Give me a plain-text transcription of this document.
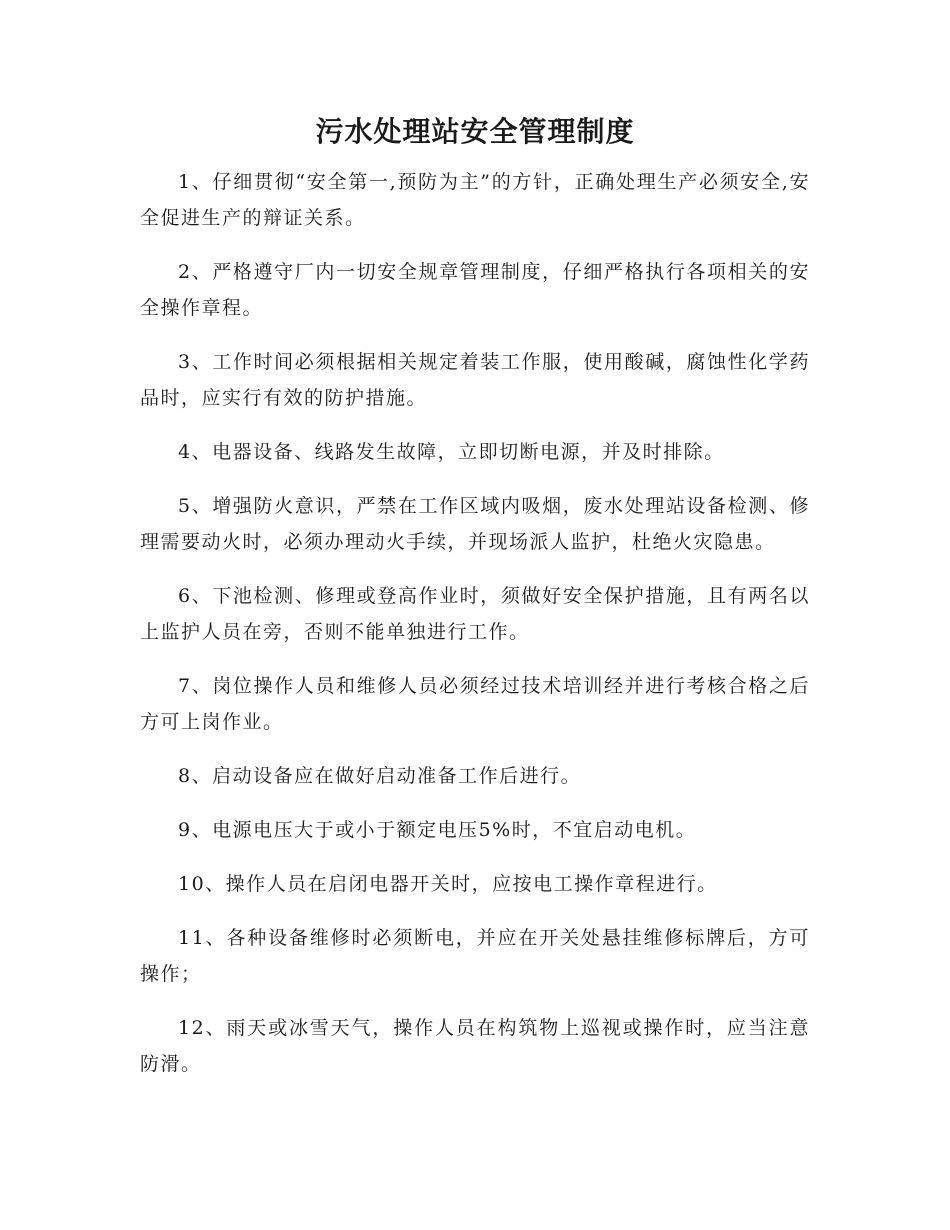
污水处理站安全管理制度

1、仔细贯彻“安全第一,预防为主”的方针，正确处理生产必须安全,安全促进生产的辩证关系。

2、严格遵守厂内一切安全规章管理制度，仔细严格执行各项相关的安全操作章程。

3、工作时间必须根据相关规定着装工作服，使用酸碱，腐蚀性化学药品时，应实行有效的防护措施。

4、电器设备、线路发生故障，立即切断电源，并及时排除。

5、增强防火意识，严禁在工作区域内吸烟，废水处理站设备检测、修理需要动火时，必须办理动火手续，并现场派人监护，杜绝火灾隐患。

6、下池检测、修理或登高作业时，须做好安全保护措施，且有两名以上监护人员在旁，否则不能单独进行工作。

7、岗位操作人员和维修人员必须经过技术培训经并进行考核合格之后方可上岗作业。

8、启动设备应在做好启动准备工作后进行。

9、电源电压大于或小于额定电压5%时，不宜启动电机。

10、操作人员在启闭电器开关时，应按电工操作章程进行。

11、各种设备维修时必须断电，并应在开关处悬挂维修标牌后，方可操作；

12、雨天或冰雪天气，操作人员在构筑物上巡视或操作时，应当注意防滑。
